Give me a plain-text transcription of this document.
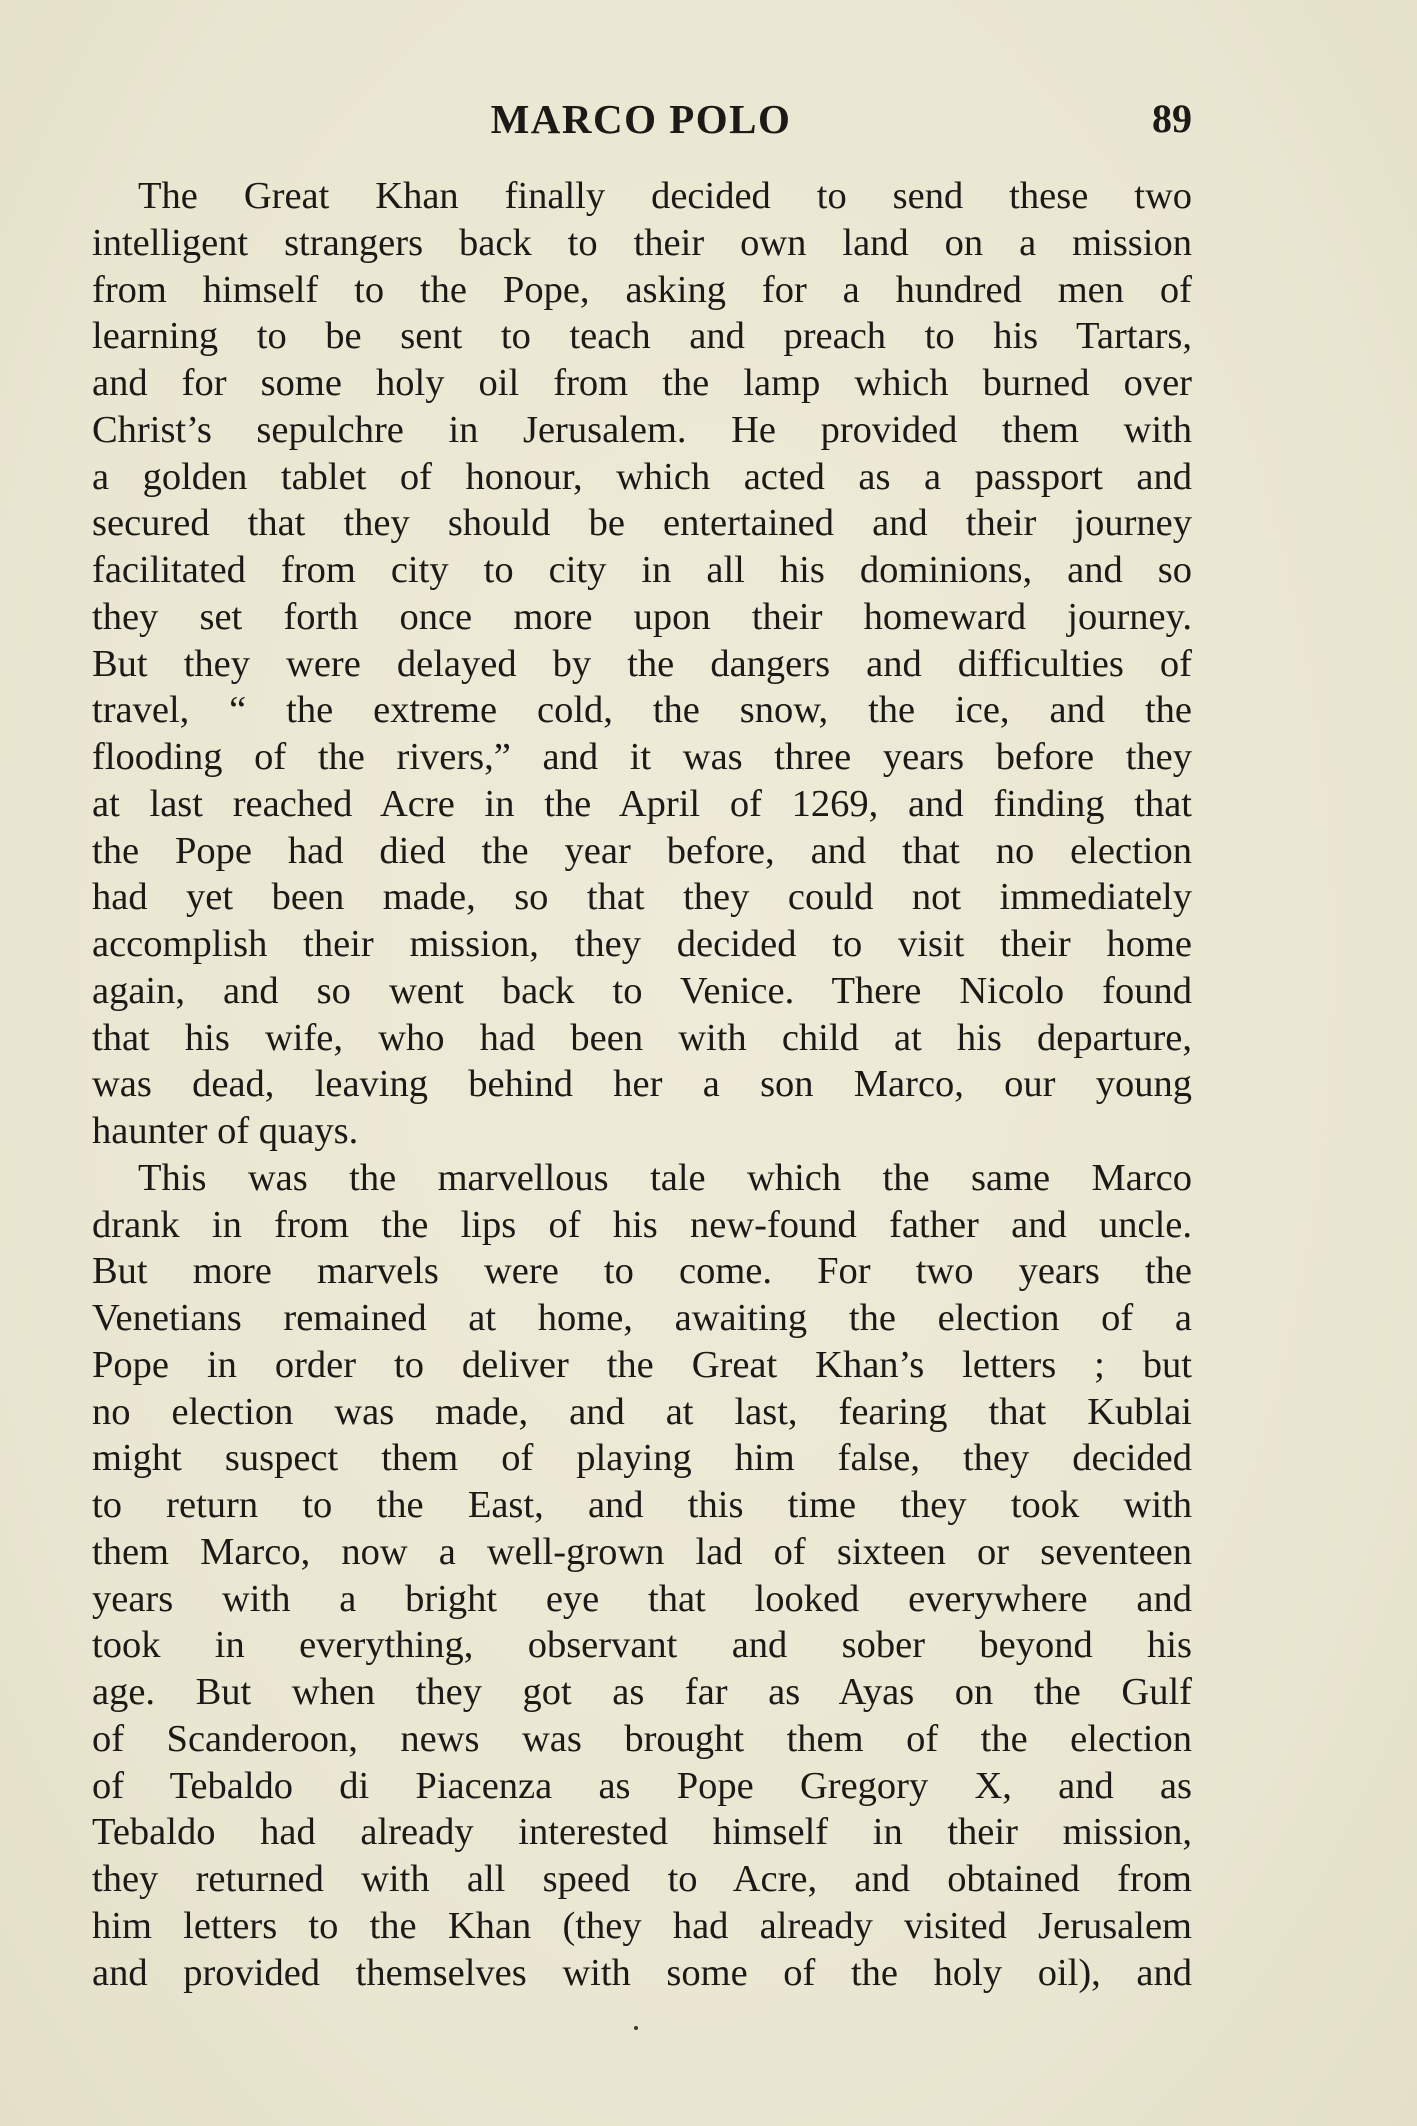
MARCO POLO	89
The Great Khan finally decided to send these two
intelligent strangers back to their own land on a mission
from himself to the Pope, asking for a hundred men of
learning to be sent to teach and preach to his Tartars,
and for some holy oil from the lamp which burned over
Christ’s sepulchre in Jerusalem. He provided them with
a golden tablet of honour, which acted as a passport and
secured that they should be entertained and their journey
facilitated from city to city in all his dominions, and so
they set forth once more upon their homeward journey.
But they were delayed by the dangers and difficulties of
travel, “ the extreme cold, the snow, the ice, and the
flooding of the rivers,” and it was three years before they
at last reached Acre in the April of 1269, and finding that
the Pope had died the year before, and that no election
had yet been made, so that they could not immediately
accomplish their mission, they decided to visit their home
again, and so went back to Venice. There Nicolo found
that his wife, who had been with child at his departure,
was dead, leaving behind her a son Marco, our young
haunter of quays.
This was the marvellous tale which the same Marco
drank in from the lips of his new-found father and uncle.
But more marvels were to come. For two years the
Venetians remained at home, awaiting the election of a
Pope in order to deliver the Great Khan’s letters ; but
no election was made, and at last, fearing that Kublai
might suspect them of playing him false, they decided
to return to the East, and this time they took with
them Marco, now a well-grown lad of sixteen or seventeen
years with a bright eye that looked everywhere and
took in everything, observant and sober beyond his
age. But when they got as far as Ayas on the Gulf
of Scanderoon, news was brought them of the election
of Tebaldo di Piacenza as Pope Gregory X, and as
Tebaldo had already interested himself in their mission,
they returned with all speed to Acre, and obtained from
him letters to the Khan (they had already visited Jerusalem
and provided themselves with some of the holy oil), and
